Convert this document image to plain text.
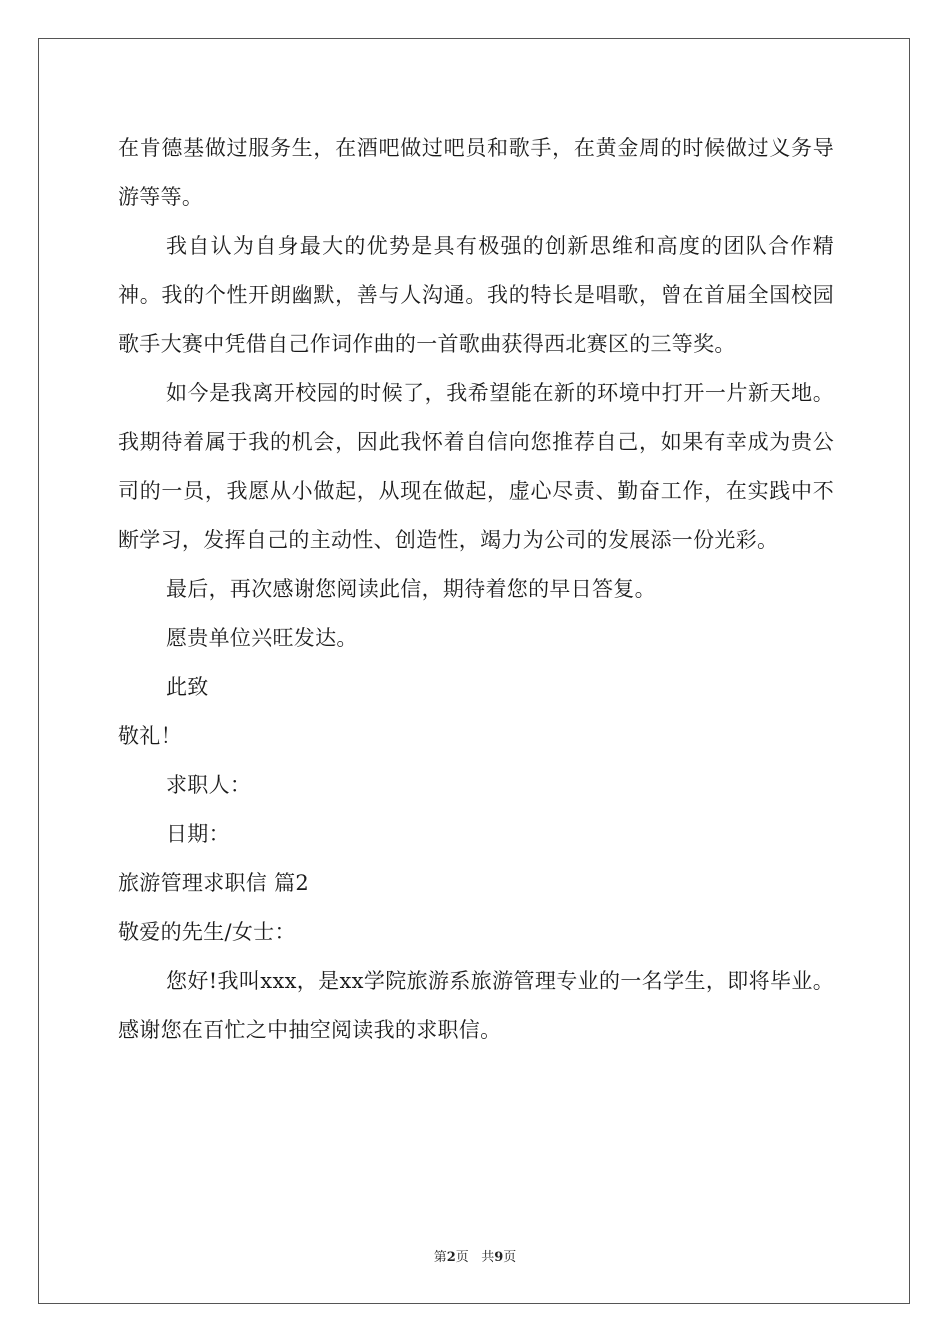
在肯德基做过服务生，在酒吧做过吧员和歌手，在黄金周的时候做过义务导游等等。

我自认为自身最大的优势是具有极强的创新思维和高度的团队合作精神。我的个性开朗幽默，善与人沟通。我的特长是唱歌，曾在首届全国校园歌手大赛中凭借自己作词作曲的一首歌曲获得西北赛区的三等奖。

如今是我离开校园的时候了，我希望能在新的环境中打开一片新天地。我期待着属于我的机会，因此我怀着自信向您推荐自己，如果有幸成为贵公司的一员，我愿从小做起，从现在做起，虚心尽责、勤奋工作，在实践中不断学习，发挥自己的主动性、创造性，竭力为公司的发展添一份光彩。

最后，再次感谢您阅读此信，期待着您的早日答复。

愿贵单位兴旺发达。

此致

敬礼！

求职人：

日期：

旅游管理求职信 篇2

敬爱的先生/女士：

您好!我叫xxx，是xx学院旅游系旅游管理专业的一名学生，即将毕业。感谢您在百忙之中抽空阅读我的求职信。

第2页 共9页
